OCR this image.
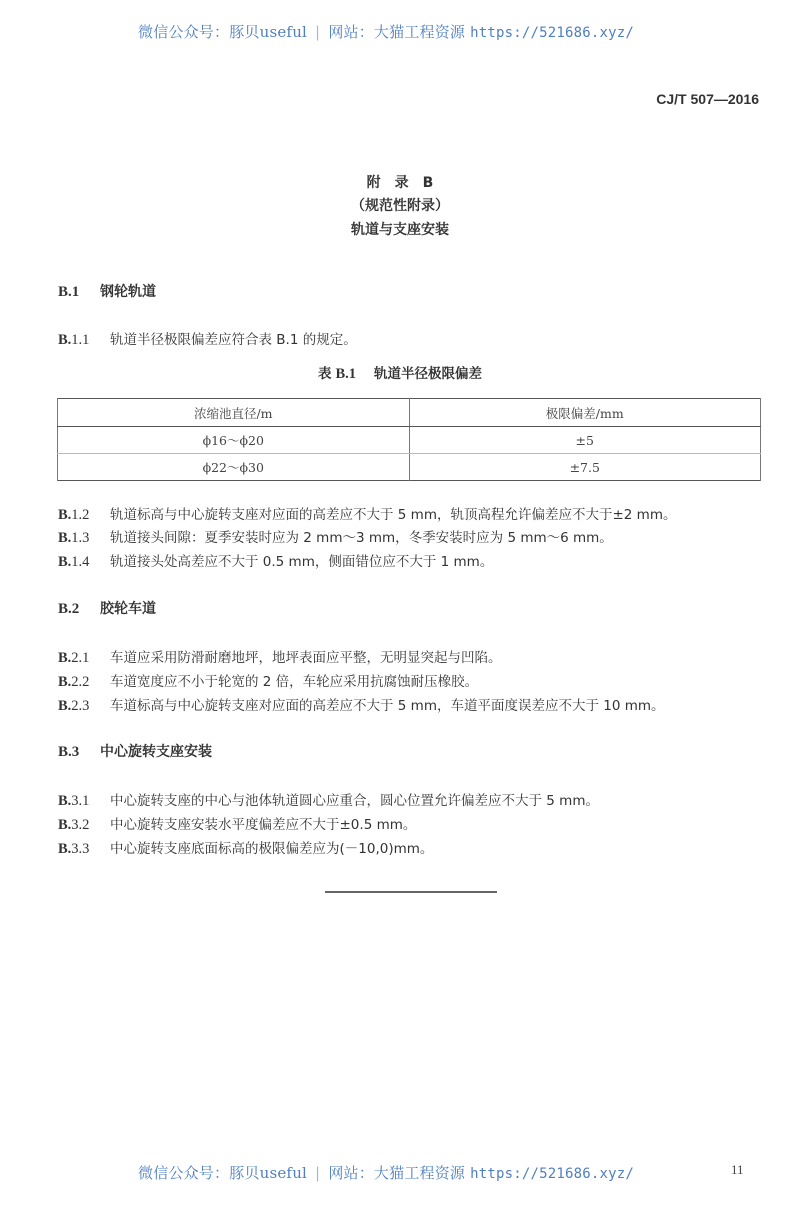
微信公众号：豚贝useful | 网站：大猫工程资源 https://521686.xyz/
CJ/T 507—2016
附　录　B
（规范性附录）
轨道与支座安装
B.1 钢轮轨道
B.1.1 轨道半径极限偏差应符合表 B.1 的规定。
表 B.1 轨道半径极限偏差
浓缩池直径/m	极限偏差/mm
ϕ16～ϕ20	±5
ϕ22～ϕ30	±7.5
B.1.2 轨道标高与中心旋转支座对应面的高差应不大于 5 mm，轨顶高程允许偏差应不大于±2 mm。
B.1.3 轨道接头间隙：夏季安装时应为 2 mm～3 mm，冬季安装时应为 5 mm～6 mm。
B.1.4 轨道接头处高差应不大于 0.5 mm，侧面错位应不大于 1 mm。
B.2 胶轮车道
B.2.1 车道应采用防滑耐磨地坪，地坪表面应平整，无明显突起与凹陷。
B.2.2 车道宽度应不小于轮宽的 2 倍，车轮应采用抗腐蚀耐压橡胶。
B.2.3 车道标高与中心旋转支座对应面的高差应不大于 5 mm，车道平面度误差应不大于 10 mm。
B.3 中心旋转支座安装
B.3.1 中心旋转支座的中心与池体轨道圆心应重合，圆心位置允许偏差应不大于 5 mm。
B.3.2 中心旋转支座安装水平度偏差应不大于±0.5 mm。
B.3.3 中心旋转支座底面标高的极限偏差应为(－10,0)mm。
微信公众号：豚贝useful | 网站：大猫工程资源 https://521686.xyz/	11
